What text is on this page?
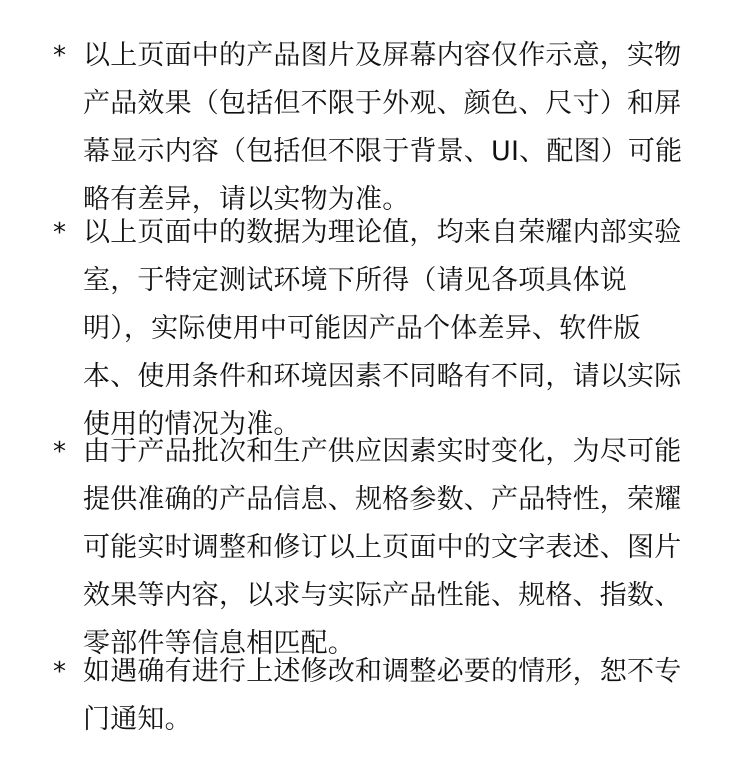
* 以上页面中的产品图片及屏幕内容仅作示意，实物
产品效果（包括但不限于外观、颜色、尺寸）和屏
幕显示内容（包括但不限于背景、UI、配图）可能
略有差异，请以实物为准。
* 以上页面中的数据为理论值，均来自荣耀内部实验
室，于特定测试环境下所得（请见各项具体说
明），实际使用中可能因产品个体差异、软件版
本、使用条件和环境因素不同略有不同，请以实际
使用的情况为准。
* 由于产品批次和生产供应因素实时变化，为尽可能
提供准确的产品信息、规格参数、产品特性，荣耀
可能实时调整和修订以上页面中的文字表述、图片
效果等内容，以求与实际产品性能、规格、指数、
零部件等信息相匹配。
* 如遇确有进行上述修改和调整必要的情形，恕不专
门通知。
